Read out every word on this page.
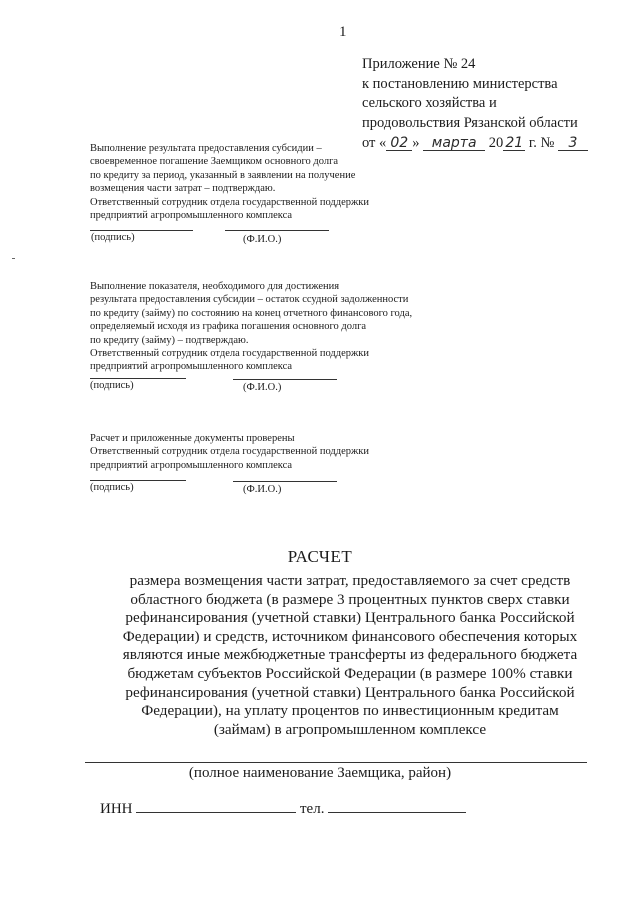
1
Приложение № 24
к постановлению министерства
сельского хозяйства и
продовольствия Рязанской области
от « 02 » марта 20 21 г. № 3
Выполнение результата предоставления субсидии –
своевременное погашение Заемщиком основного долга
по кредиту за период, указанный в заявлении на получение
возмещения части затрат – подтверждаю.
Ответственный сотрудник отдела государственной поддержки
предприятий агропромышленного комплекса
(подпись)	(Ф.И.О.)
Выполнение показателя, необходимого для достижения
результата предоставления субсидии – остаток ссудной задолженности
по кредиту (займу) по состоянию на конец отчетного финансового года,
определяемый исходя из графика погашения основного долга
по кредиту (займу) – подтверждаю.
Ответственный сотрудник отдела государственной поддержки
предприятий агропромышленного комплекса
(подпись)	(Ф.И.О.)
Расчет и приложенные документы проверены
Ответственный сотрудник отдела государственной поддержки
предприятий агропромышленного комплекса
(подпись)	(Ф.И.О.)
РАСЧЕТ
размера возмещения части затрат, предоставляемого за счет средств
областного бюджета (в размере 3 процентных пунктов сверх ставки
рефинансирования (учетной ставки) Центрального банка Российской
Федерации) и средств, источником финансового обеспечения которых
являются иные межбюджетные трансферты из федерального бюджета
бюджетам субъектов Российской Федерации (в размере 100% ставки
рефинансирования (учетной ставки) Центрального банка Российской
Федерации), на уплату процентов по инвестиционным кредитам
(займам) в агропромышленном комплексе
(полное наименование Заемщика, район)
ИНН	тел.
